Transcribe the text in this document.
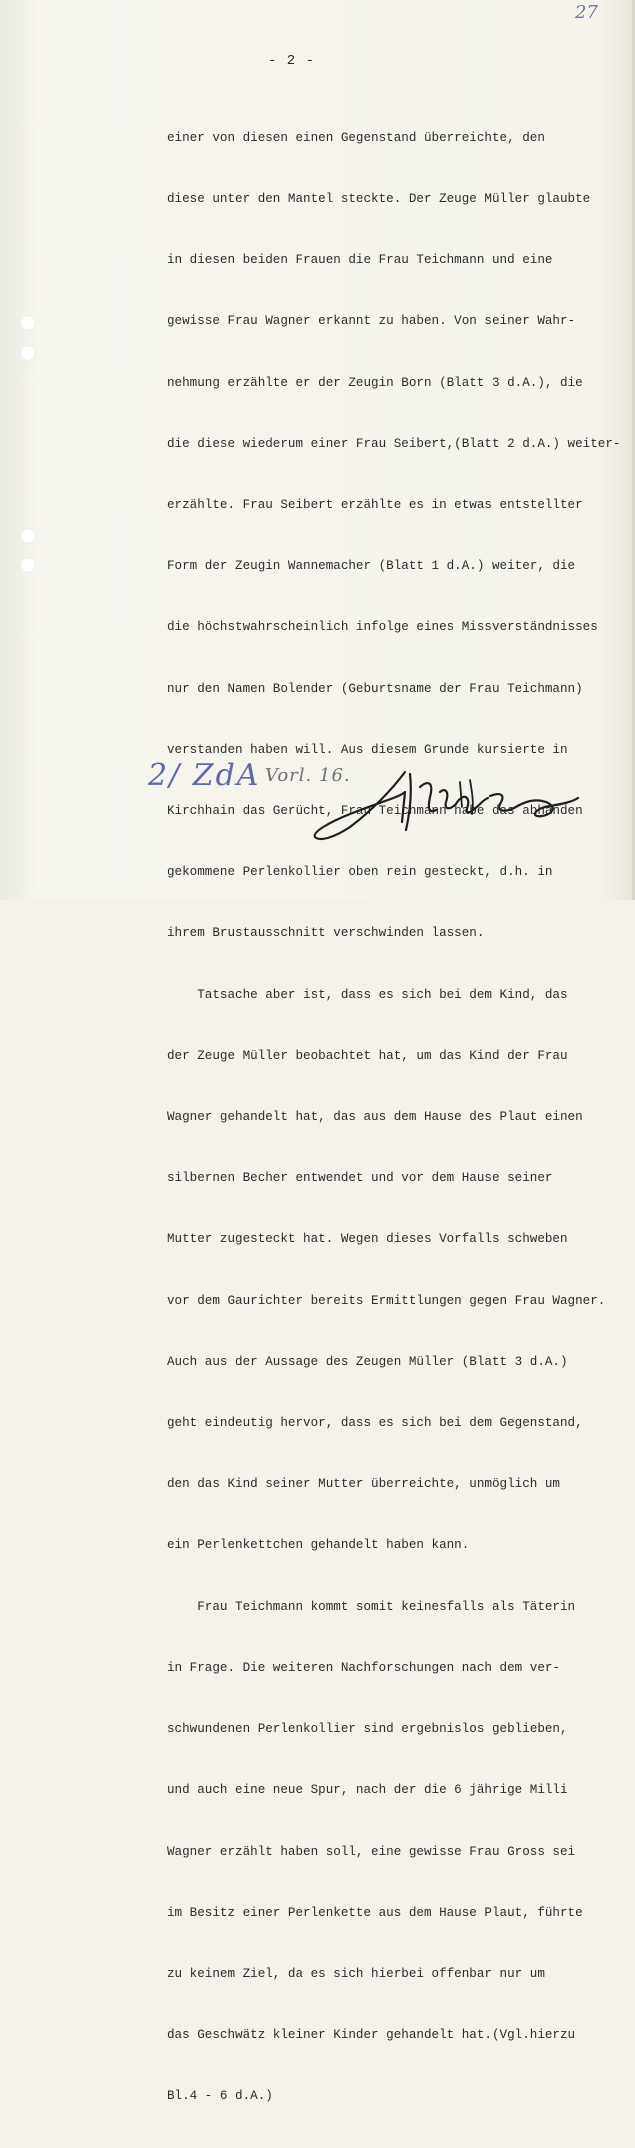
27
- 2 -

einer von diesen einen Gegenstand überreichte, den

diese unter den Mantel steckte. Der Zeuge Müller glaubte

in diesen beiden Frauen die Frau Teichmann und eine

gewisse Frau Wagner erkannt zu haben. Von seiner Wahr-

nehmung erzählte er der Zeugin Born (Blatt 3 d.A.), die

die diese wiederum einer Frau Seibert,(Blatt 2 d.A.) weiter-

erzählte. Frau Seibert erzählte es in etwas entstellter

Form der Zeugin Wannemacher (Blatt 1 d.A.) weiter, die

die höchstwahrscheinlich infolge eines Missverständnisses

nur den Namen Bolender (Geburtsname der Frau Teichmann)

verstanden haben will. Aus diesem Grunde kursierte in

Kirchhain das Gerücht, Frau Teichmann habe das abhanden

gekommene Perlenkollier oben rein gesteckt, d.h. in

ihrem Brustausschnitt verschwinden lassen.

Tatsache aber ist, dass es sich bei dem Kind, das

der Zeuge Müller beobachtet hat, um das Kind der Frau

Wagner gehandelt hat, das aus dem Hause des Plaut einen

silbernen Becher entwendet und vor dem Hause seiner

Mutter zugesteckt hat. Wegen dieses Vorfalls schweben

vor dem Gaurichter bereits Ermittlungen gegen Frau Wagner.

Auch aus der Aussage des Zeugen Müller (Blatt 3 d.A.)

geht eindeutig hervor, dass es sich bei dem Gegenstand,

den das Kind seiner Mutter überreichte, unmöglich um

ein Perlenkettchen gehandelt haben kann.

Frau Teichmann kommt somit keinesfalls als Täterin

in Frage. Die weiteren Nachforschungen nach dem ver-

schwundenen Perlenkollier sind ergebnislos geblieben,

und auch eine neue Spur, nach der die 6 jährige Milli

Wagner erzählt haben soll, eine gewisse Frau Gross sei

im Besitz einer Perlenkette aus dem Hause Plaut, führte

zu keinem Ziel, da es sich hierbei offenbar nur um

das Geschwätz kleiner Kinder gehandelt hat.(Vgl.hierzu

Bl.4 - 6 d.A.)

2/ ZdA Vorl. 16.
